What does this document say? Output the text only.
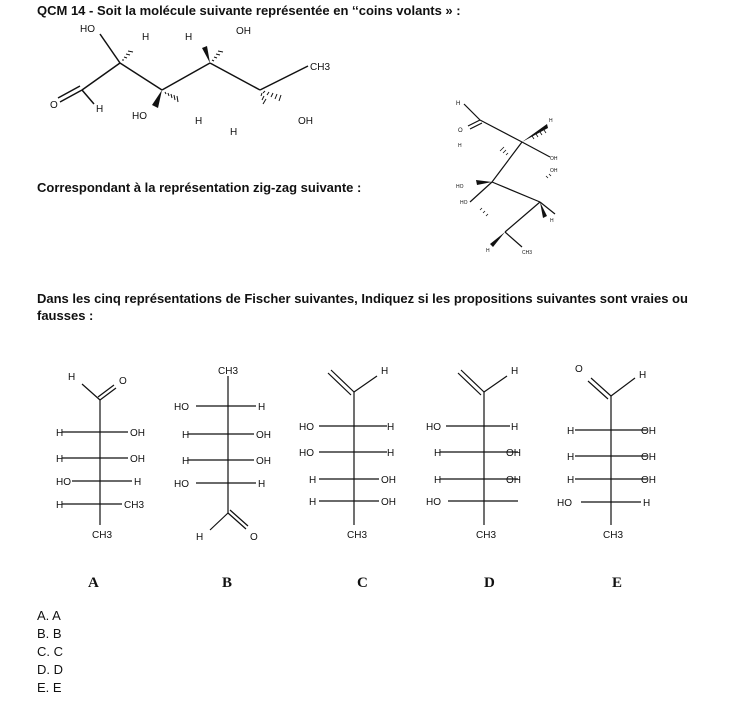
QCM 14 - Soit la molécule suivante représentée en ‘‘coins volants » :
Correspondant à la représentation zig-zag suivante :
Dans les cinq représentations de Fischer suivantes, Indiquez si les propositions suivantes sont vraies ou
fausses :
HO
H	H
OH
CH3
O	H
HO	H
H
OH
H
O
H
H
OH
OH
HO
HO
H
H	CH3
H	O
H	OH
H	OH
HO	H
H	CH3
CH3
A
CH3
HO	H
H	OH
H	OH
HO	H
H	O
B
H
HO	H
HO	H
H	OH
H	OH
CH3
C
H
HO	H
H	OH
H	OH
HO
CH3
D
O
H
H	OH
H	OH
H	OH
HO	H
CH3
E
A. A
B. B
C. C
D. D
E. E
